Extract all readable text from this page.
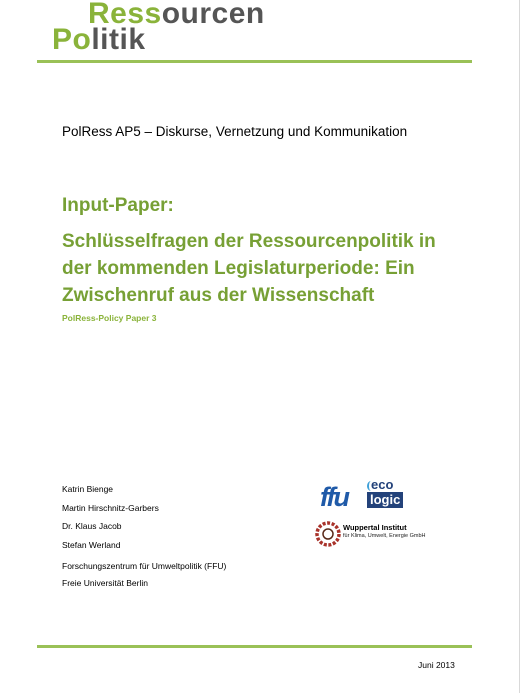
Ressourcen
Politik
PolRess AP5 – Diskurse, Vernetzung und Kommunikation
Input-Paper:
Schlüsselfragen der Ressourcenpolitik in der kommenden Legislaturperiode: Ein Zwischenruf aus der Wissenschaft
PolRess-Policy Paper 3
Katrin Bienge
Martin Hirschnitz-Garbers
Dr. Klaus Jacob
Stefan Werland
Forschungszentrum für Umweltpolitik (FFU)
Freie Universität Berlin
ffu eco
logic
Wuppertal Institut
für Klima, Umwelt, Energie GmbH
Juni 2013
